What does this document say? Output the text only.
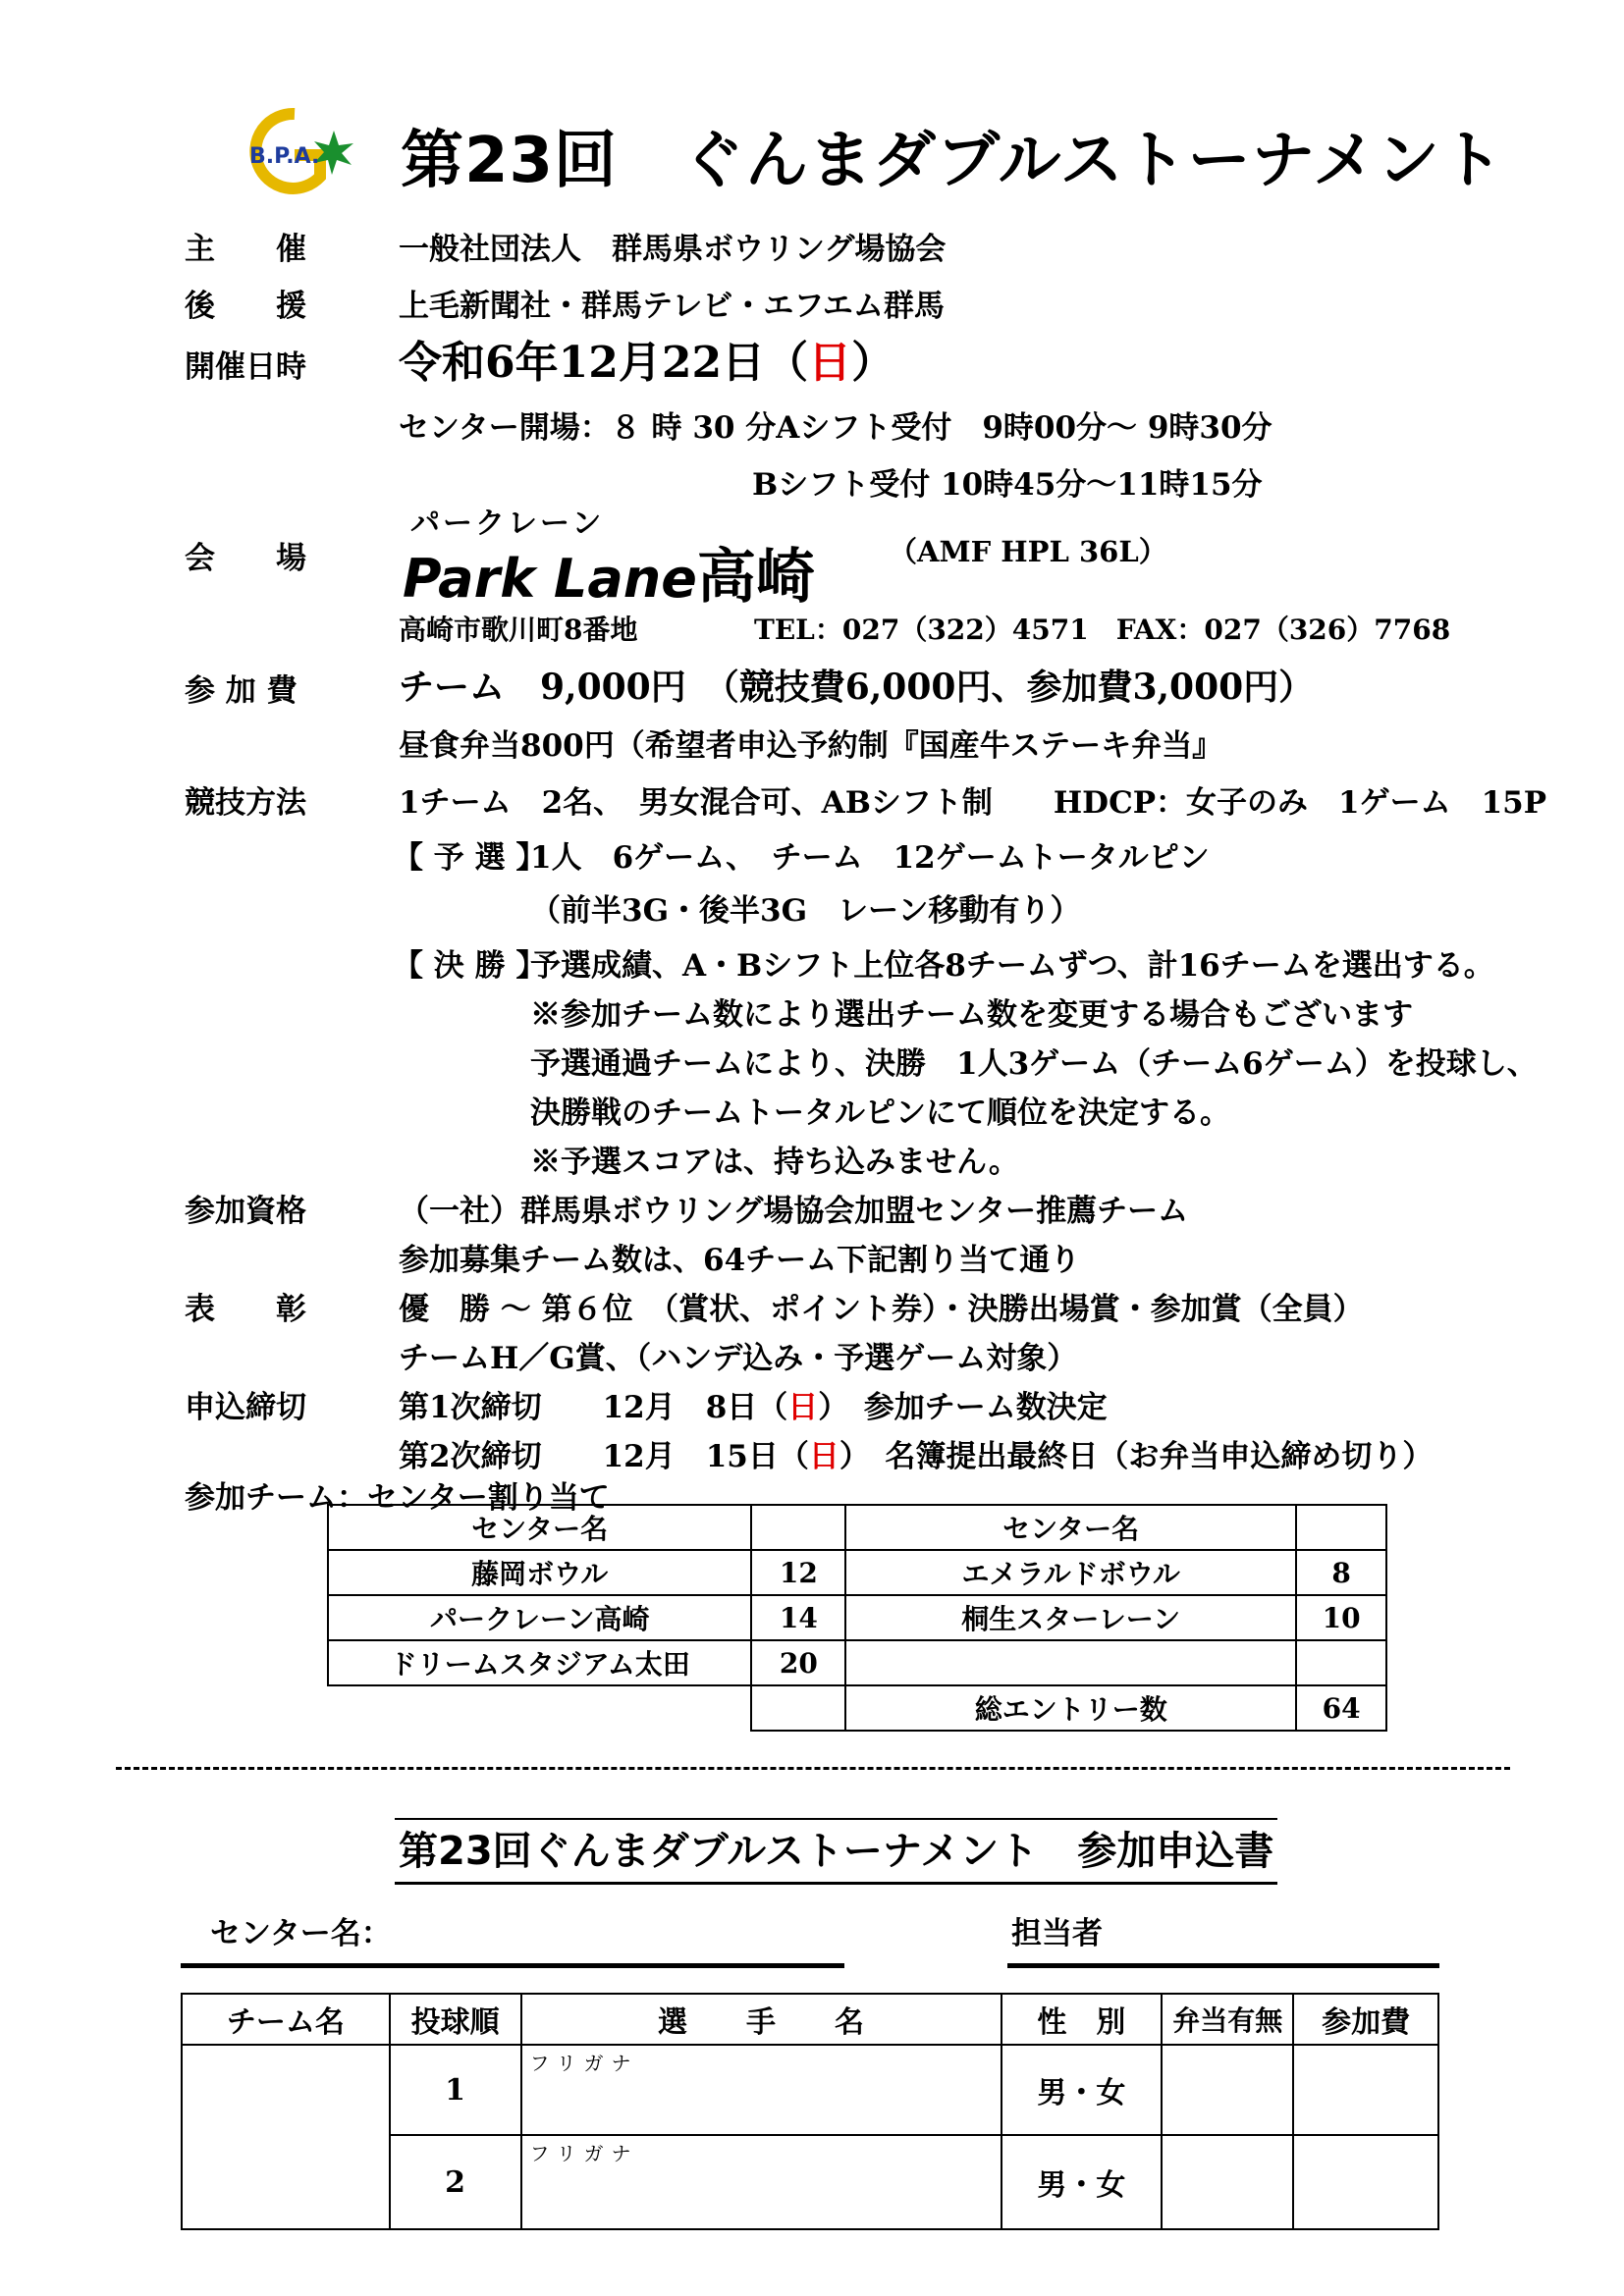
B.P.A. 第23回　ぐんまダブルストーナメント
主　　催	一般社団法人　群馬県ボウリング場協会
後　　援	上毛新聞社・群馬テレビ・エフエム群馬
開催日時 令和6年12月22日（日）
センター開場：８ 時 30 分Aシフト受付　9時00分～ 9時30分
Bシフト受付 10時45分～11時15分
会　　場
パークレーン
Park Lane高崎	（AMF HPL 36L）
高崎市歌川町8番地	TEL：027（322）4571　FAX：027（326）7768
参 加 費	チーム　9,000円　（競技費6,000円、参加費3,000円）
昼食弁当800円（希望者申込予約制『国産牛ステーキ弁当』
競技方法	1チーム　2名、　男女混合可、ABシフト制　　HDCP：女子のみ　1ゲーム　15P
【 予 選 】
1人　6ゲーム、　チーム　12ゲームトータルピン
（前半3G・後半3G　レーン移動有り）
【 決 勝 】
予選成績、A・Bシフト上位各8チームずつ、計16チームを選出する。
※参加チーム数により選出チーム数を変更する場合もございます
予選通過チームにより、決勝　1人3ゲーム（チーム6ゲーム）を投球し、
決勝戦のチームトータルピンにて順位を決定する。
※予選スコアは、持ち込みません。
参加資格	（一社）群馬県ボウリング場協会加盟センター推薦チーム
参加募集チーム数は、64チーム下記割り当て通り
表　　彰	優　勝 ～ 第６位　（賞状、ポイント券）・決勝出場賞・参加賞（全員）
チームH／G賞、（ハンデ込み・予選ゲーム対象）
申込締切	第1次締切　　12月　8日（日）　参加チーム数決定
第2次締切　　12月　15日（日）　名簿提出最終日（お弁当申込締め切り）
参加チーム：センター割り当て
センター名		センター名	
藤岡ボウル	12	エメラルドボウル	8
パークレーン高崎	14	桐生スターレーン	10
ドリームスタジアム太田	20		
		総エントリー数	64
第23回ぐんまダブルストーナメント　参加申込書
センター名：	担当者
チーム名	投球順	選　　手　　名	性　別	弁当有無	参加費
	1	フリガナ	男・女		
	2	フリガナ	男・女		
